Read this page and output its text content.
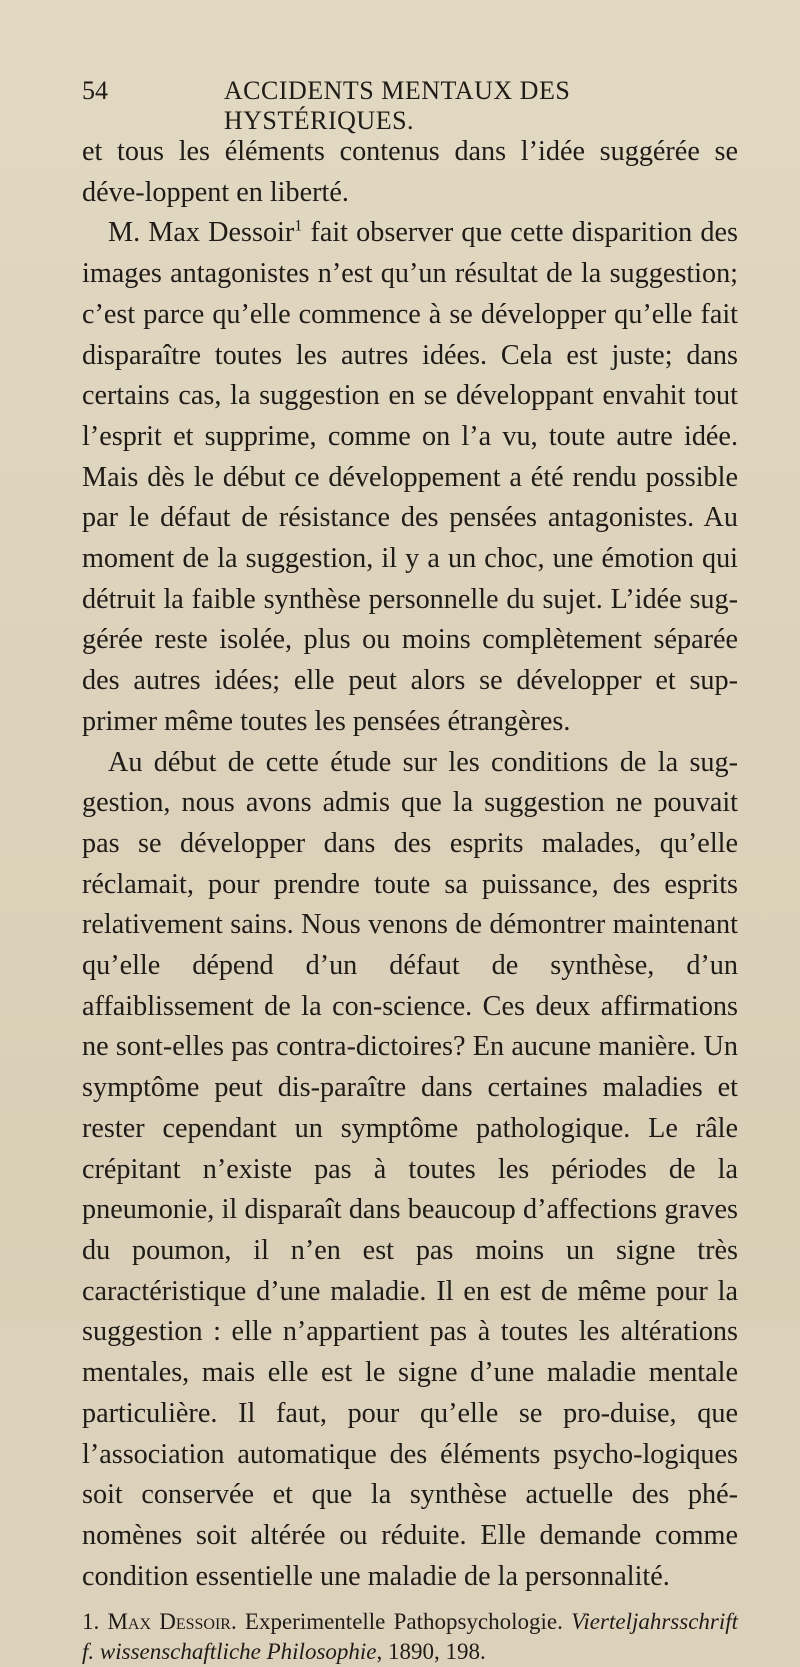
54	ACCIDENTS MENTAUX DES HYSTÉRIQUES.

et tous les éléments contenus dans l’idée suggérée se déve-loppent en liberté.

M. Max Dessoir$^1$ fait observer que cette disparition des images antagonistes n’est qu’un résultat de la suggestion; c’est parce qu’elle commence à se développer qu’elle fait disparaître toutes les autres idées. Cela est juste; dans certains cas, la suggestion en se développant envahit tout l’esprit et supprime, comme on l’a vu, toute autre idée. Mais dès le début ce développement a été rendu possible par le défaut de résistance des pensées antagonistes. Au moment de la suggestion, il y a un choc, une émotion qui détruit la faible synthèse personnelle du sujet. L’idée sug-gérée reste isolée, plus ou moins complètement séparée des autres idées; elle peut alors se développer et sup-primer même toutes les pensées étrangères.

Au début de cette étude sur les conditions de la sug-gestion, nous avons admis que la suggestion ne pouvait pas se développer dans des esprits malades, qu’elle réclamait, pour prendre toute sa puissance, des esprits relativement sains. Nous venons de démontrer maintenant qu’elle dépend d’un défaut de synthèse, d’un affaiblissement de la con-science. Ces deux affirmations ne sont-elles pas contra-dictoires? En aucune manière. Un symptôme peut dis-paraître dans certaines maladies et rester cependant un symptôme pathologique. Le râle crépitant n’existe pas à toutes les périodes de la pneumonie, il disparaît dans beaucoup d’affections graves du poumon, il n’en est pas moins un signe très caractéristique d’une maladie. Il en est de même pour la suggestion : elle n’appartient pas à toutes les altérations mentales, mais elle est le signe d’une maladie mentale particulière. Il faut, pour qu’elle se pro-duise, que l’association automatique des éléments psycho-logiques soit conservée et que la synthèse actuelle des phé-nomènes soit altérée ou réduite. Elle demande comme condition essentielle une maladie de la personnalité.

1. Max Dessoir. Experimentelle Pathopsychologie. Vierteljahrsschrift f. wissenschaftliche Philosophie, 1890, 198.
